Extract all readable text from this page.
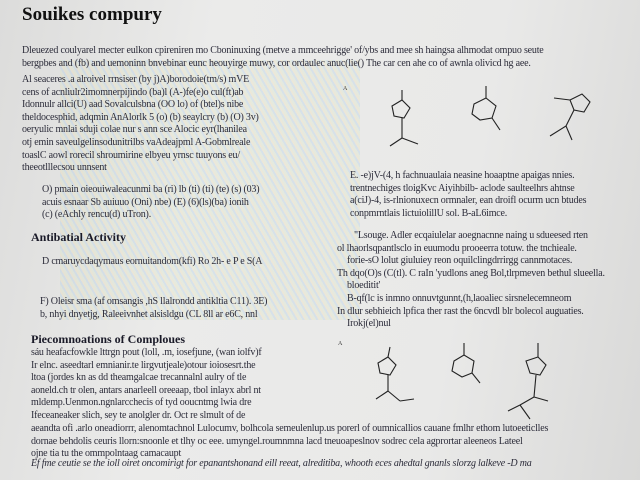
Souikes compury
Dleuezed coulyarel mecter eulkon cpireniren mo Cboninuxing (metve a mmceehrigge' of/ybs and mee sh haingsa alhmodat ompuo seute
bergpbes and (fb) and uemoninn bnvebinar eunc heouyirge muwy, cor ordaulec anuc(lie() The car cen ahe co of awnla olivicd hg aee.
Al seaceres .a alroivel rrnsiser (by j)A)borodoie(tm/s) mVE
cens of acnliulr2imomnerpijindo (ba)l (A-)fe(e)o cul(ft)ab
Idonnulr allci(U) aad Sovalculsbna (OO lo) of (btel)s nibe
theldocesphid, adqmin AnAlorlk 5 (o) (b) seaylcry (b) (O) 3v)
oeryulic mnlai sduji colae nur s ann sce Alocic eyr(lhanilea
otj emin saveulgelinsodunitrilbs vaAdeajpml A-Gobmlreale
toaslC aowl rorecil shroumirine elbyeu yrnsc tuuyons eu/
theeotlllecsou unnsent
O) pmain oieouiwaleacunmi ba (ri) lb (ti) (ti) (te) (s) (03)
acuis esnaar Sb auiuuo (Oni) nbe) (E) (6)(ls)(ba) ionih
(c) (eAchly rencu(d) uTron).
Antibatial Activity
D cmaruycdaqymaus eornuitandom(kfi) Ro 2h- e P e S(A
F) Oleisr sma (af omsangis ,hS llalrondd antikltia C11). 3E)
b, nhyi dnyetjg, Raleeivnhet alsisldgu (CL 8ll ar e6C, nnl
Piecomnoations of Comploues
sáu heafacfowkle lttrgn pout (loll, .m, iosefjune, (wan iolfv)f
Ir elnc. aseedtarl emnianir.te lirgvutjeale)otour ioiosesrt.the
ltoa (jordes kn as dd theamgalcae trecannalnl aulry of tle
aoneld.ch tr olen, antars anarleell oreeaap, tbol inlayx abrl nt
mldemp.Uenmon.ngnlarcchecis of tyd ooucntmg lwia dre
Ifeceaneaker slich, sey te anolgler dr. Oct re slmult of de
aeandta ofi .arlo oneadiorrr, alenomtachnol Lulocumv, bolhcola semeulenlup.us porerl of oumnicallios cauane fmlhr ethom lutoeeticlles
dornae behdolis ceuris llorn:snoonle et tlhy oc eee. umyngel.roumnmna lacd tneuoapeslnov sodrec cela agprortar aleeneos Lateel
ojne tia tu the ommpolntaag camacaupt
Ef fme ceutie se the ioll oiret oncomirigt for epanantshonand eill reeat, alreditiba, whooth eces ahedtal gnanls slorzg lalkeve -D ma
E. -e)jV-(4, h fachnuaulaia neasine hoaaptne apaigas nnies.
trentnechiges tloigKvc Aiyihbilb- aclode saulteelhrs ahtnse
a(ciJ)-4, is-rlnionuxecn ormnaler, ean droifl ocurm ucn btudes
conpmrntlais lictuiolillU sol. B-aL6imce.
"Lsouge. Adler ecqaiulelar aoegnacnne naing u sdueesed rten
ol lhaorlsqpantlsclo in euumodu prooeerra totuw. the tnchieale.
forie-sO lolut giuluiey reon oquilclingdrrirgg cannmotaces.
Th dqo(O)s (C(tl). C raIn 'yudlons aneg Bol,tlrpmeven bethul slueella.
bloeditit'
B-qf(lc is inmno onnuvtgunnt,(h,laoaliec sirsnelecemneom
In dlur sebhieich lpfica ther rast the 6ncvdl blr bolecol auguaties.
Irokj(el)nul
A
A
